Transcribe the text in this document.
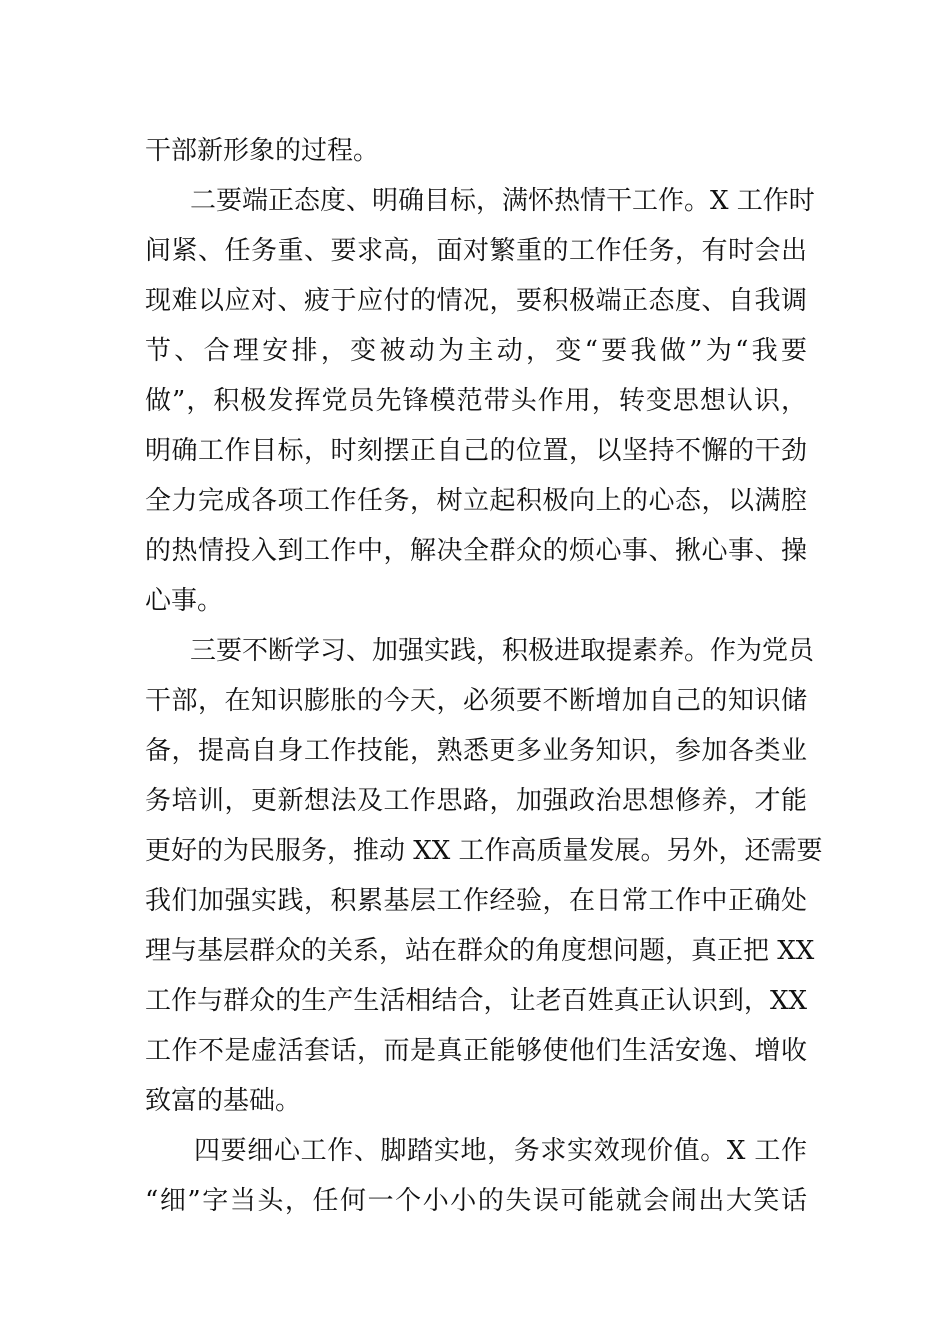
干部新形象的过程。
二要端正态度、明确目标，满怀热情干工作。X 工作时
间紧、任务重、要求高，面对繁重的工作任务，有时会出
现难以应对、疲于应付的情况，要积极端正态度、自我调
节、合理安排，变被动为主动，变“要我做”为“我要
做”，积极发挥党员先锋模范带头作用，转变思想认识，
明确工作目标，时刻摆正自己的位置，以坚持不懈的干劲
全力完成各项工作任务，树立起积极向上的心态，以满腔
的热情投入到工作中，解决全群众的烦心事、揪心事、操
心事。
三要不断学习、加强实践，积极进取提素养。作为党员
干部，在知识膨胀的今天，必须要不断增加自己的知识储
备，提高自身工作技能，熟悉更多业务知识，参加各类业
务培训，更新想法及工作思路，加强政治思想修养，才能
更好的为民服务，推动 XX 工作高质量发展。另外，还需要
我们加强实践，积累基层工作经验，在日常工作中正确处
理与基层群众的关系，站在群众的角度想问题，真正把 XX
工作与群众的生产生活相结合，让老百姓真正认识到，XX
工作不是虚活套话，而是真正能够使他们生活安逸、增收
致富的基础。
四要细心工作、脚踏实地，务求实效现价值。X 工作
“细”字当头，任何一个小小的失误可能就会闹出大笑话
